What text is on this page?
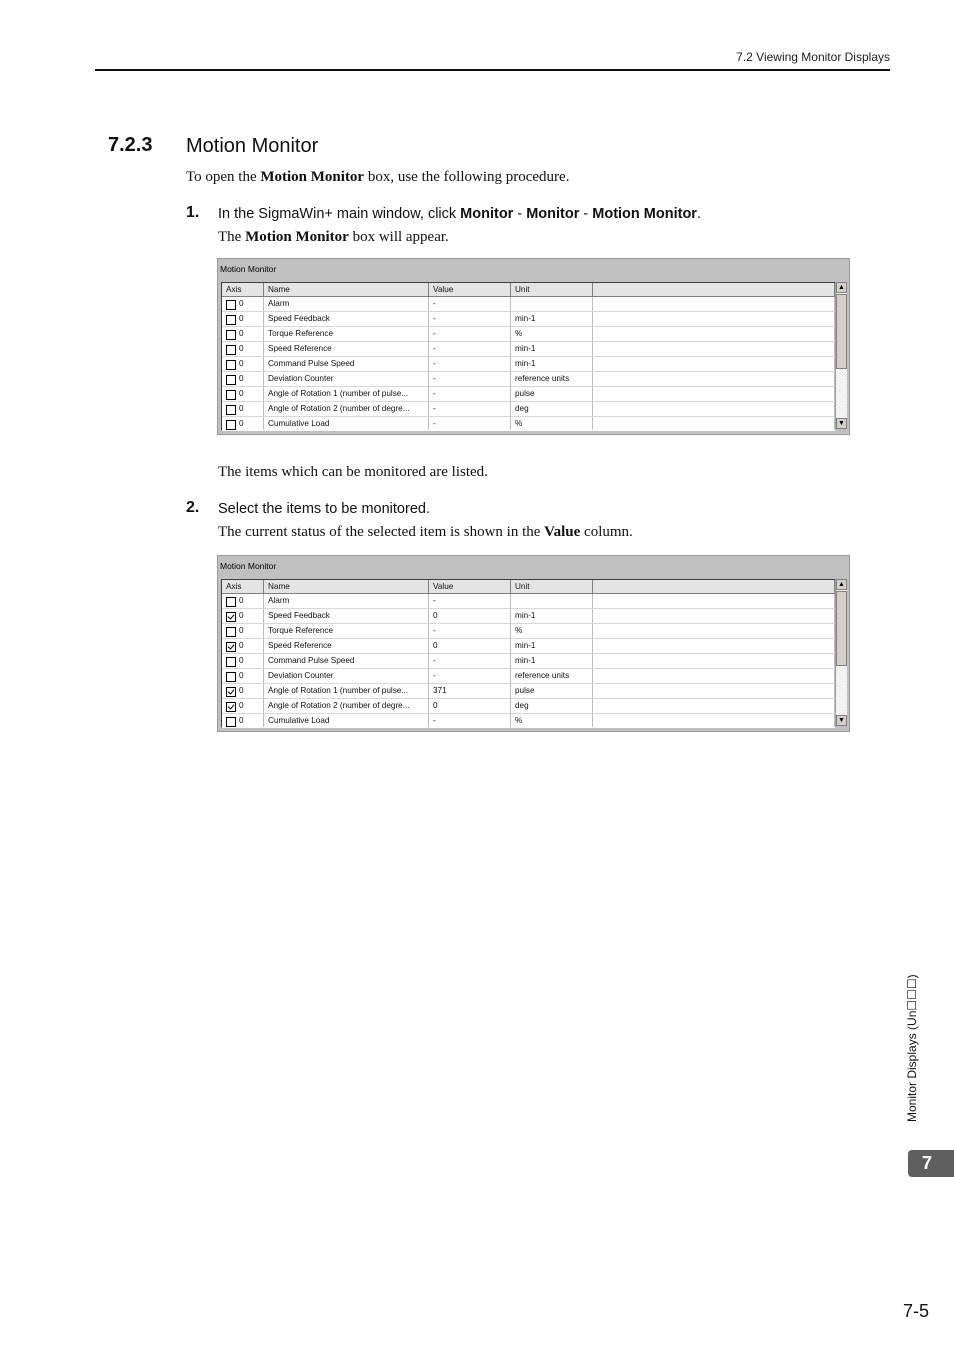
7.2 Viewing Monitor Displays
7.2.3 Motion Monitor
To open the Motion Monitor box, use the following procedure.
1. In the SigmaWin+ main window, click Monitor - Monitor - Motion Monitor.
The Motion Monitor box will appear.
Motion Monitor
Axis	Name	Value	Unit
0	Alarm	-
0	Speed Feedback	-	min-1
0	Torque Reference	-	%
0	Speed Reference	-	min-1
0	Command Pulse Speed	-	min-1
0	Deviation Counter	-	reference units
0	Angle of Rotation 1 (number of pulse...	-	pulse
0	Angle of Rotation 2 (number of degre...	-	deg
0	Cumulative Load	-	%
▲
▼
The items which can be monitored are listed.
2. Select the items to be monitored.
The current status of the selected item is shown in the Value column.
Motion Monitor
Axis	Name	Value	Unit
0	Alarm	-
0	Speed Feedback	0	min-1
0	Torque Reference	-	%
0	Speed Reference	0	min-1
0	Command Pulse Speed	-	min-1
0	Deviation Counter	-	reference units
0	Angle of Rotation 1 (number of pulse...	371	pulse
0	Angle of Rotation 2 (number of degre...	0	deg
0	Cumulative Load	-	%
▲
▼
Monitor Displays (Un☐☐☐)
7
7-5
